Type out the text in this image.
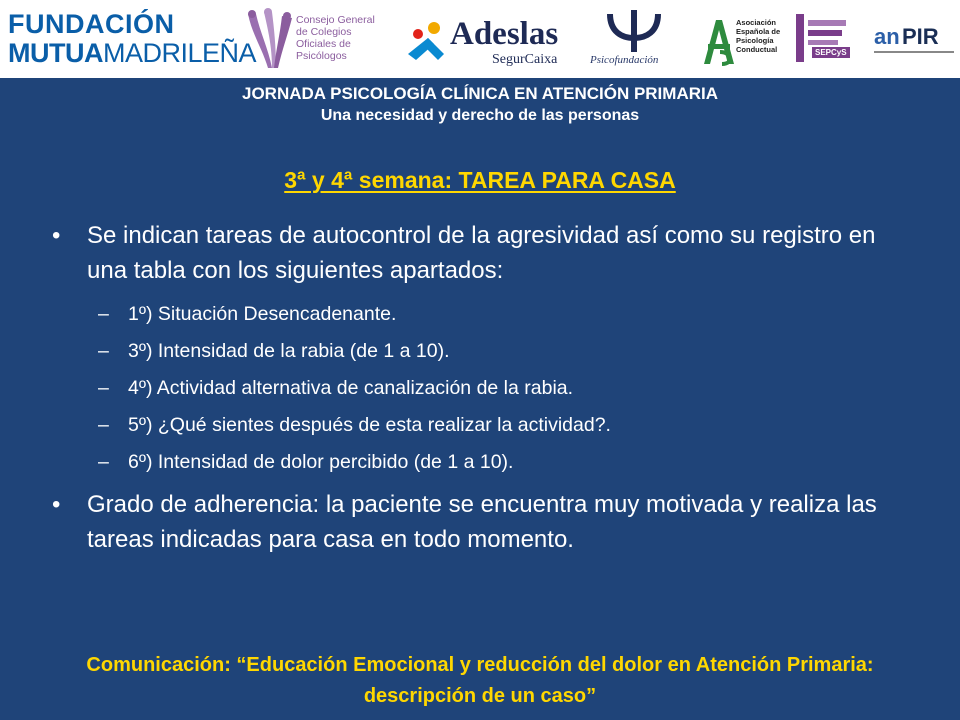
FUNDACIÓN
MUTUAMADRILEÑA
Consejo General de Colegios Oficiales de Psicólogos
Adeslas
SegurCaixa	Psicofundación
Asociación Española de Psicología Conductual	SEPCyS
an PIR
JORNADA PSICOLOGÍA CLÍNICA EN ATENCIÓN PRIMARIA
Una necesidad y derecho de las personas
3ª y 4ª semana: TAREA PARA CASA
• Se indican tareas de autocontrol de la agresividad así como su registro en una tabla con los siguientes apartados:
– 1º) Situación Desencadenante.
– 3º) Intensidad de la rabia (de 1 a 10).
– 4º) Actividad alternativa de canalización de la rabia.
– 5º) ¿Qué sientes después de esta realizar la actividad?.
– 6º) Intensidad de dolor percibido (de 1 a 10).
• Grado de adherencia: la paciente se encuentra muy motivada y realiza las tareas indicadas para casa en todo momento.
Comunicación: “Educación Emocional y reducción del dolor en Atención Primaria:
descripción de un caso”
